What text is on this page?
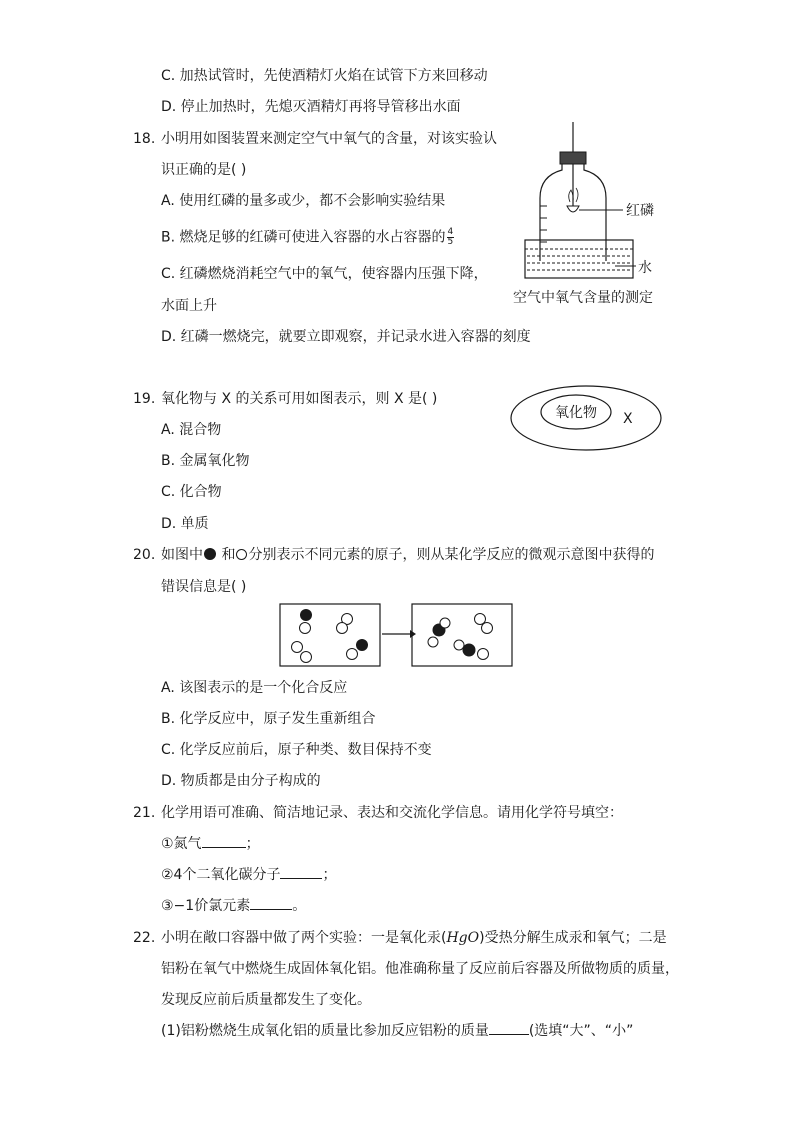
C. 加热试管时，先使酒精灯火焰在试管下方来回移动
D. 停止加热时，先熄灭酒精灯再将导管移出水面
18. 小明用如图装置来测定空气中氧气的含量，对该实验认
识正确的是( )
A. 使用红磷的量多或少，都不会影响实验结果
B. 燃烧足够的红磷可使进入容器的水占容器的 $\frac{4}{5}$
C. 红磷燃烧消耗空气中的氧气，使容器内压强下降，
水面上升
D. 红磷一燃烧完，就要立即观察，并记录水进入容器的刻度
红磷
水
空气中氧气含量的测定
19. 氧化物与 X 的关系可用如图表示，则 X 是( )
A. 混合物
B. 金属氧化物
C. 化合物
D. 单质
氧化物 X
20. 如图中 和 分别表示不同元素的原子，则从某化学反应的微观示意图中获得的
错误信息是( )
A. 该图表示的是一个化合反应
B. 化学反应中，原子发生重新组合
C. 化学反应前后，原子种类、数目保持不变
D. 物质都是由分子构成的
21. 化学用语可准确、简洁地记录、表达和交流化学信息。请用化学符号填空：
①氮气	；
②4个二氧化碳分子	；
③−1价氯元素	。
22. 小明在敞口容器中做了两个实验：一是氧化汞(HgO)受热分解生成汞和氧气；二是
铝粉在氧气中燃烧生成固体氧化铝。他准确称量了反应前后容器及所做物质的质量，
发现反应前后质量都发生了变化。
(1)铝粉燃烧生成氧化铝的质量比参加反应铝粉的质量	(选填“大”、“小”
